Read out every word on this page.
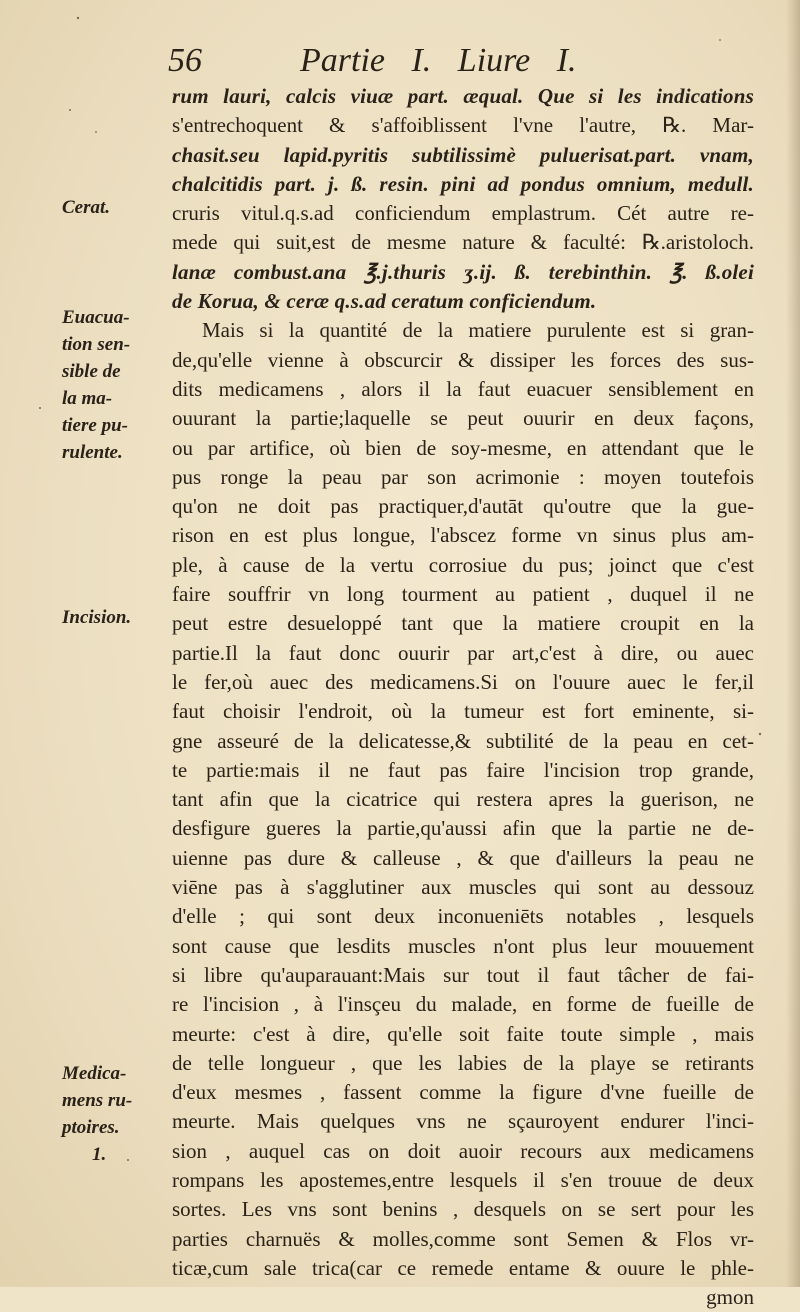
56	Partie I. Liure I.
Cerat.
Euacua-
tion sen-
sible de
la ma-
tiere pu-
rulente.
Incision.
Medica-
mens ru-
ptoires.
1.
rum lauri, calcis viuæ part. æqual. Que si les indications
s'entrechoquent & s'affoiblissent l'vne l'autre, ℞. Mar-
chasit.seu lapid.pyritis subtilissimè puluerisat.part. vnam,
chalcitidis part. j. ß. resin. pini ad pondus omnium, medull.
cruris vitul.q.s.ad conficiendum emplastrum. Cét autre re-
mede qui suit,est de mesme nature & faculté: ℞.aristoloch.
lanæ combust.ana ℥.j.thuris ʒ.ij. ß. terebinthin. ℥. ß.olei
de Korua, & ceræ q.s.ad ceratum conficiendum.
Mais si la quantité de la matiere purulente est si gran-
de,qu'elle vienne à obscurcir & dissiper les forces des sus-
dits medicamens , alors il la faut euacuer sensiblement en
ouurant la partie;laquelle se peut ouurir en deux façons,
ou par artifice, où bien de soy-mesme, en attendant que le
pus ronge la peau par son acrimonie : moyen toutefois
qu'on ne doit pas practiquer,d'autāt qu'outre que la gue-
rison en est plus longue, l'abscez forme vn sinus plus am-
ple, à cause de la vertu corrosiue du pus; joinct que c'est
faire souffrir vn long tourment au patient , duquel il ne
peut estre desueloppé tant que la matiere croupit en la
partie.Il la faut donc ouurir par art,c'est à dire, ou auec
le fer,où auec des medicamens.Si on l'ouure auec le fer,il
faut choisir l'endroit, où la tumeur est fort eminente, si-
gne asseuré de la delicatesse,& subtilité de la peau en cet-
te partie:mais il ne faut pas faire l'incision trop grande,
tant afin que la cicatrice qui restera apres la guerison, ne
desfigure gueres la partie,qu'aussi afin que la partie ne de-
uienne pas dure & calleuse , & que d'ailleurs la peau ne
viēne pas à s'agglutiner aux muscles qui sont au dessouz
d'elle ; qui sont deux inconueniēts notables , lesquels
sont cause que lesdits muscles n'ont plus leur mouuement
si libre qu'auparauant:Mais sur tout il faut tâcher de fai-
re l'incision , à l'insçeu du malade, en forme de fueille de
meurte: c'est à dire, qu'elle soit faite toute simple , mais
de telle longueur , que les labies de la playe se retirants
d'eux mesmes , fassent comme la figure d'vne fueille de
meurte. Mais quelques vns ne sçauroyent endurer l'inci-
sion , auquel cas on doit auoir recours aux medicamens
rompans les apostemes,entre lesquels il s'en trouue de deux
sortes. Les vns sont benins , desquels on se sert pour les
parties charnuës & molles,comme sont Semen & Flos vr-
ticæ,cum sale trica(car ce remede entame & ouure le phle-
gmon
